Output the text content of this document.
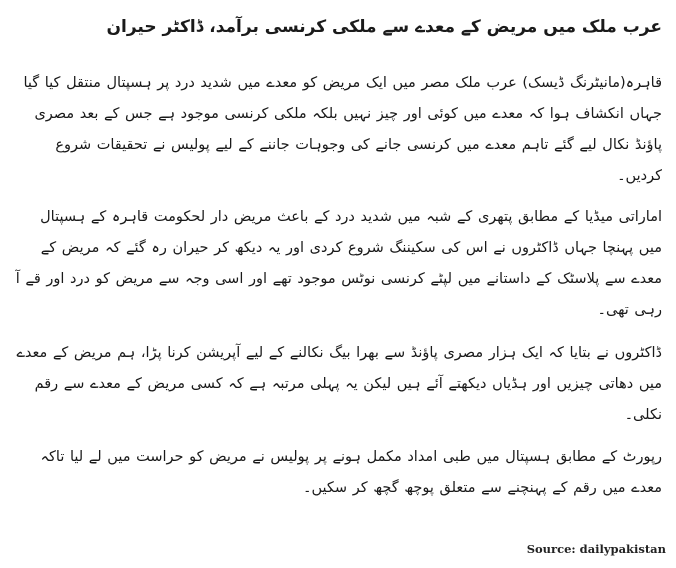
عرب ملک میں مریض کے معدے سے ملکی کرنسی برآمد، ڈاکٹر حیران

قاہرہ(مانیٹرنگ ڈیسک) عرب ملک مصر میں ایک مریض کو معدے میں شدید درد پر ہسپتال منتقل کیا گیا جہاں انکشاف ہوا کہ معدے میں کوئی اور چیز نہیں بلکہ ملکی کرنسی موجود ہے جس کے بعد مصری پاؤنڈ نکال لیے گئے تاہم معدے میں کرنسی جانے کی وجوہات جاننے کے لیے پولیس نے تحقیقات شروع کردیں۔

اماراتی میڈیا کے مطابق پتھری کے شبہ میں شدید درد کے باعث مریض دار لحکومت قاہرہ کے ہسپتال میں پہنچا جہاں ڈاکٹروں نے اس کی سکیننگ شروع کردی اور یہ دیکھ کر حیران رہ گئے کہ مریض کے معدے سے پلاسٹک کے داستانے میں لپٹے کرنسی نوٹس موجود تھے اور اسی وجہ سے مریض کو درد اور قے آ رہی تھی۔

ڈاکٹروں نے بتایا کہ ایک ہزار مصری پاؤنڈ سے بھرا بیگ نکالنے کے لیے آپریشن کرنا پڑا، ہم مریض کے معدے میں دھاتی چیزیں اور ہڈیاں دیکھتے آئے ہیں لیکن یہ پہلی مرتبہ ہے کہ کسی مریض کے معدے سے رقم نکلی۔

رپورٹ کے مطابق ہسپتال میں طبی امداد مکمل ہونے پر پولیس نے مریض کو حراست میں لے لیا تاکہ معدے میں رقم کے پہنچنے سے متعلق پوچھ گچھ کر سکیں۔

Source: dailypakistan
